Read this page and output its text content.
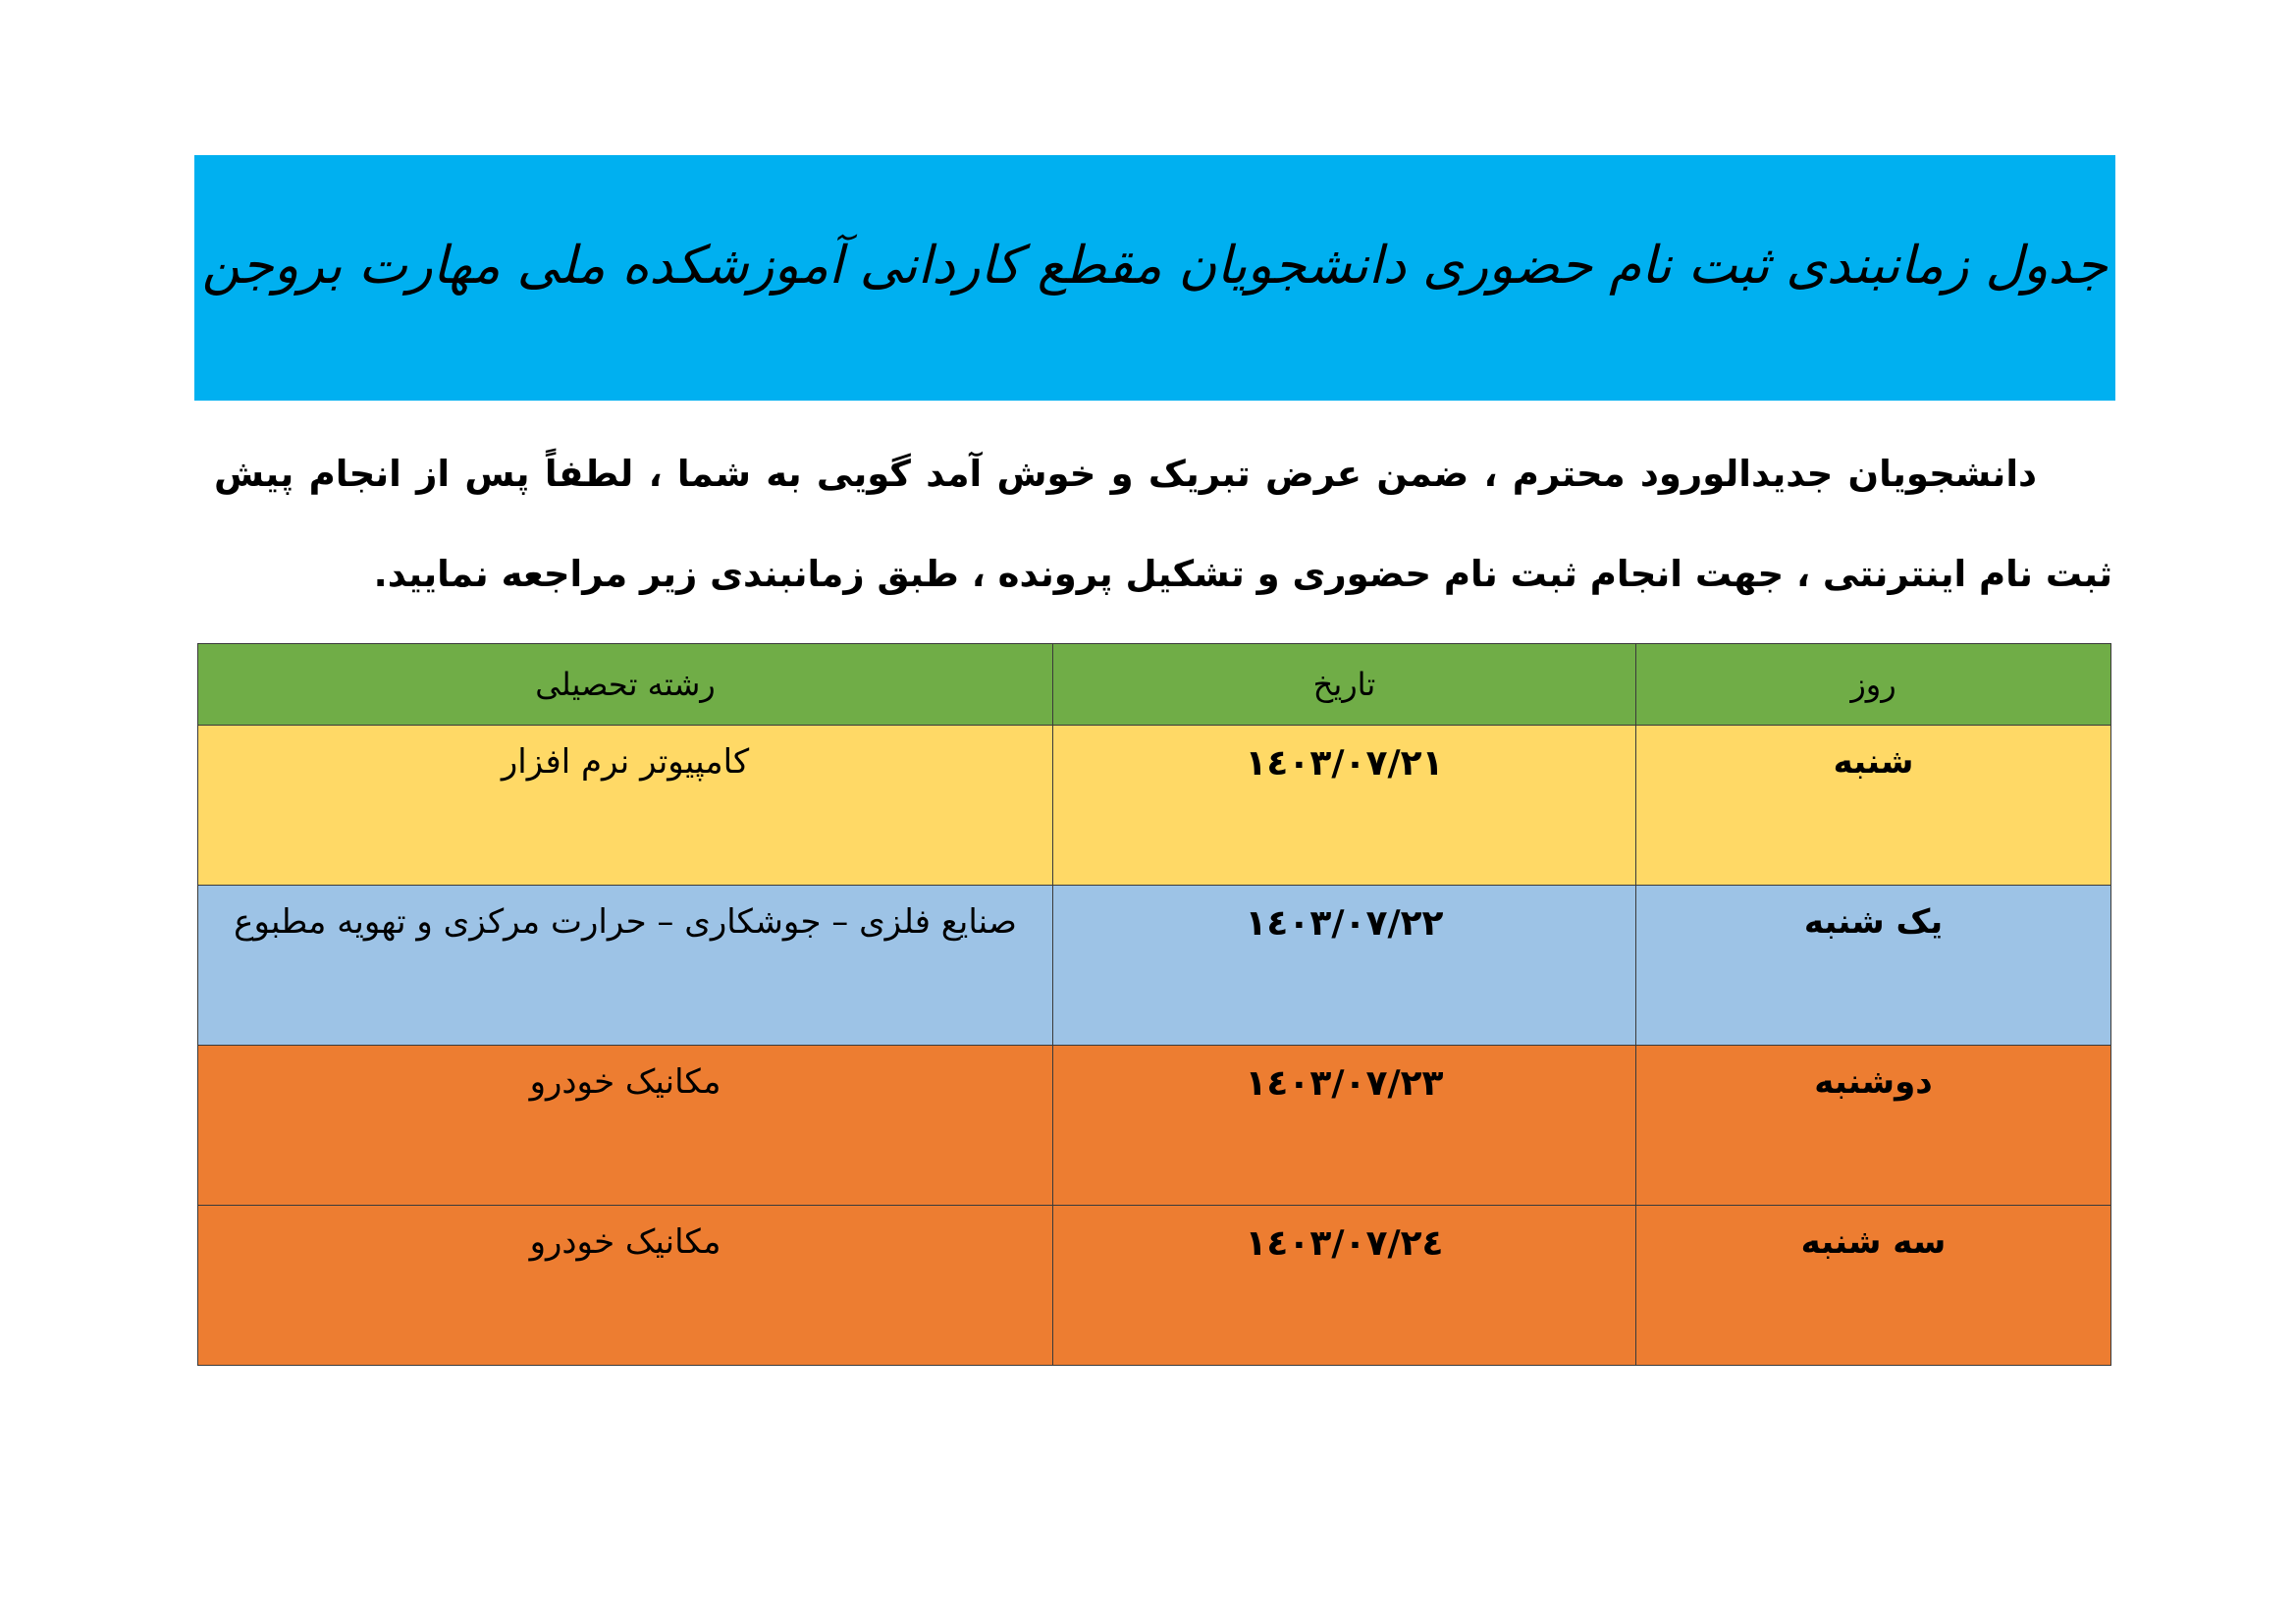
جدول زمانبندی ثبت نام حضوری دانشجویان مقطع کاردانی آموزشکده ملی مهارت بروجن
دانشجویان جدیدالورود محترم ، ضمن عرض تبریک و خوش آمد گویی به شما ، لطفاً پس از انجام پیش
ثبت نام اینترنتی ، جهت انجام ثبت نام حضوری و تشکیل پرونده ، طبق زمانبندی زیر مراجعه نمایید.
روز	تاریخ	رشته تحصیلی

شنبه	١٤٠٣/٠٧/٢١	کامپیوتر نرم افزار

یک شنبه	١٤٠٣/٠٧/٢٢	صنایع فلزی – جوشکاری – حرارت مرکزی و تهویه مطبوع

دوشنبه	١٤٠٣/٠٧/٢٣	مکانیک خودرو

سه شنبه	١٤٠٣/٠٧/٢٤	مکانیک خودرو
